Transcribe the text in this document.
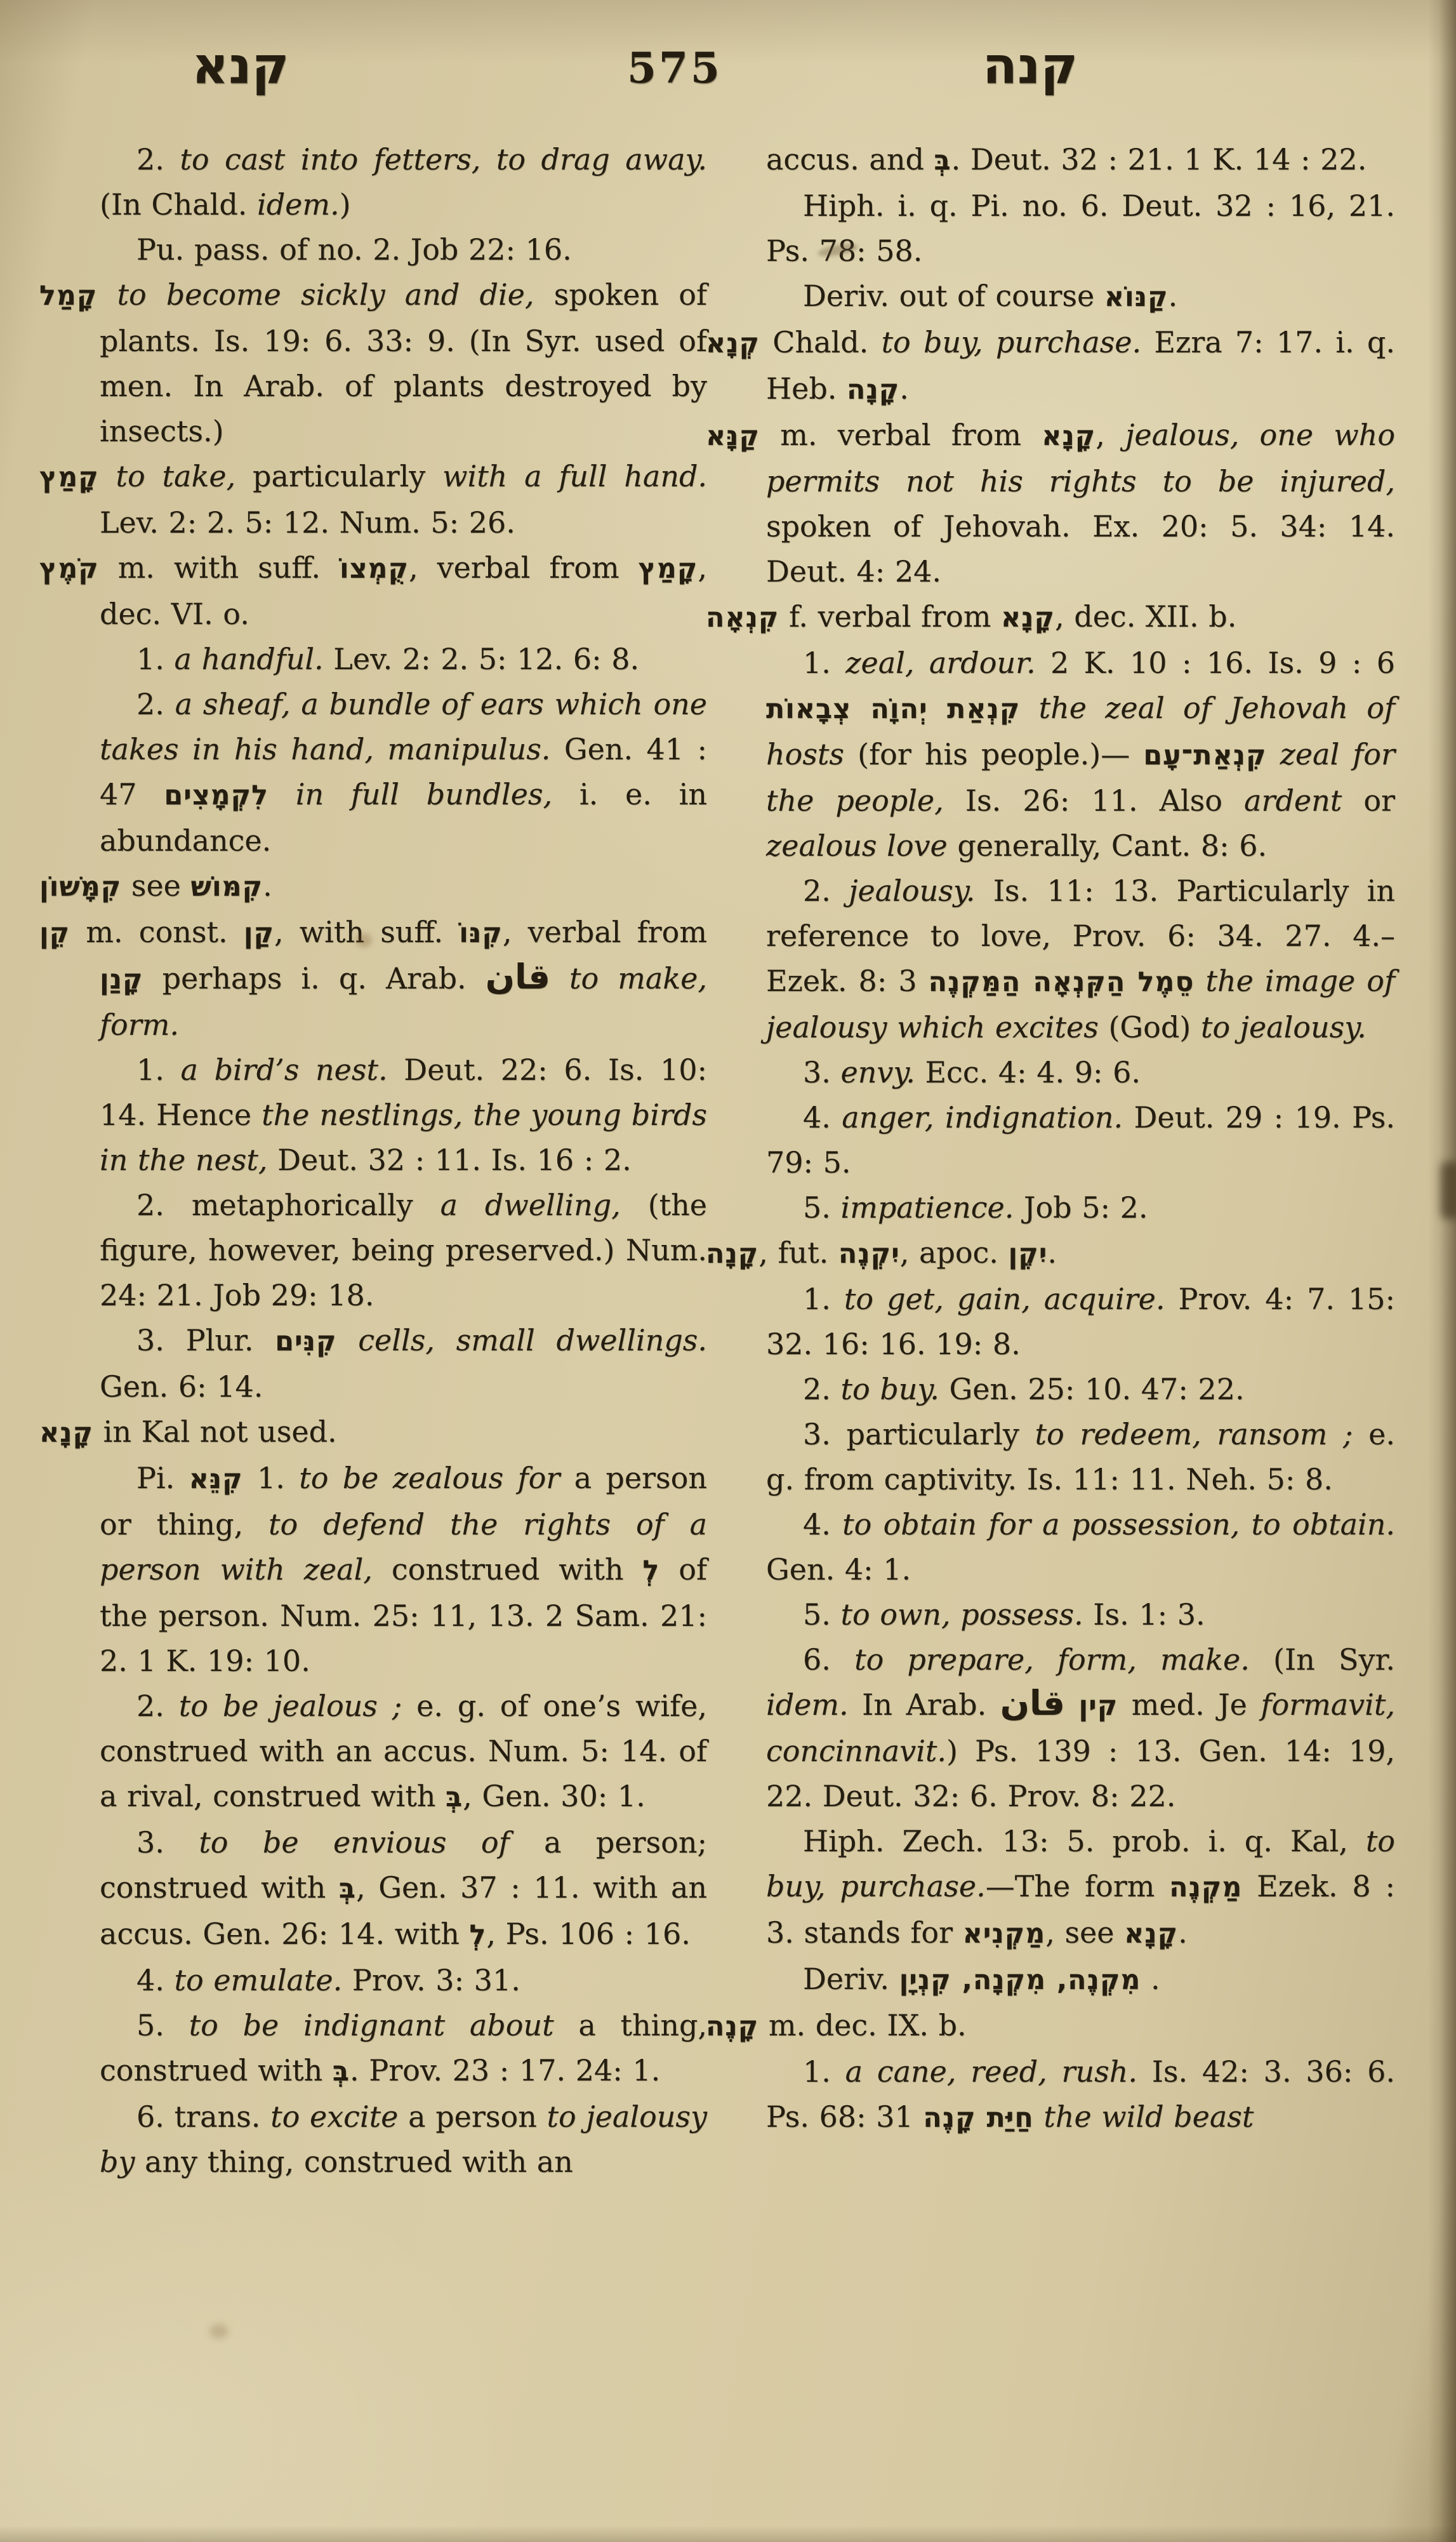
קנא	575	קנה

2. to cast into fetters, to drag away. (In Chald. idem.)

Pu. pass. of no. 2. Job 22: 16.

קָמַל to become sickly and die, spoken of plants. Is. 19: 6. 33: 9. (In Syr. used of men. In Arab. of plants destroyed by insects.)

קָמַץ to take, particularly with a full hand. Lev. 2: 2. 5: 12. Num. 5: 26.

קֹמֶץ m. with suff. קֻמְצוֹ, verbal from קָמַץ, dec. VI. o.

1. a handful. Lev. 2: 2. 5: 12. 6: 8.

2. a sheaf, a bundle of ears which one takes in his hand, manipulus. Gen. 41 : 47 לִקְמָצִים in full bundles, i. e. in abundance.

קִמָּשׁוֹן see קִמּוֹשׁ.

קֵן m. const. קַן, with suff. קִנּוֹ, verbal from קָנַן perhaps i. q. Arab. قان to make, form.

1. a bird’s nest. Deut. 22: 6. Is. 10: 14. Hence the nestlings, the young birds in the nest, Deut. 32 : 11. Is. 16 : 2.

2. metaphorically a dwelling, (the figure, however, being preserved.) Num. 24: 21. Job 29: 18.

3. Plur. קִנִּים cells, small dwellings. Gen. 6: 14.

קָנָא in Kal not used.

Pi. קִנֵּא 1. to be zealous for a person or thing, to defend the rights of a person with zeal, construed with לְ of the person. Num. 25: 11, 13. 2 Sam. 21: 2. 1 K. 19: 10.

2. to be jealous ; e. g. of one’s wife, construed with an accus. Num. 5: 14. of a rival, construed with בְּ, Gen. 30: 1.

3. to be envious of a person; construed with בְּ, Gen. 37 : 11. with an accus. Gen. 26: 14. with לְ, Ps. 106 : 16.

4. to emulate. Prov. 3: 31.

5. to be indignant about a thing, construed with בְּ. Prov. 23 : 17. 24: 1.

6. trans. to excite a person to jealousy by any thing, construed with an

accus. and בְּ. Deut. 32 : 21. 1 K. 14 : 22.

Hiph. i. q. Pi. no. 6. Deut. 32 : 16, 21. Ps. 78: 58.

Deriv. out of course קַנּוֹא.

קְנָא Chald. to buy, purchase. Ezra 7: 17. i. q. Heb. קָנָה.

קַנָּא m. verbal from קָנָא, jealous, one who permits not his rights to be injured, spoken of Jehovah. Ex. 20: 5. 34: 14. Deut. 4: 24.

קִנְאָה f. verbal from קָנָא, dec. XII. b.

1. zeal, ardour. 2 K. 10 : 16. Is. 9 : 6 קִנְאַת יְהוָֹה צְבָאוֹת the zeal of Jehovah of hosts (for his people.)— קִנְאַת־עָם zeal for the people, Is. 26: 11. Also ardent or zealous love generally, Cant. 8: 6.

2. jealousy. Is. 11: 13. Particularly in reference to love, Prov. 6: 34. 27. 4.–Ezek. 8: 3 סֵמֶל הַקִּנְאָה הַמַּקְנֶה the image of jealousy which excites (God) to jealousy.

3. envy. Ecc. 4: 4. 9: 6.

4. anger, indignation. Deut. 29 : 19. Ps. 79: 5.

5. impatience. Job 5: 2.

קָנָה, fut. יִקְנֶה, apoc. יִקֶן.

1. to get, gain, acquire. Prov. 4: 7. 15: 32. 16: 16. 19: 8.

2. to buy. Gen. 25: 10. 47: 22.

3. particularly to redeem, ransom ; e. g. from captivity. Is. 11: 11. Neh. 5: 8.

4. to obtain for a possession, to obtain. Gen. 4: 1.

5. to own, possess. Is. 1: 3.

6. to prepare, form, make. (In Syr. idem. In Arab. قان קין med. Je formavit, concinnavit.) Ps. 139 : 13. Gen. 14: 19, 22. Deut. 32: 6. Prov. 8: 22.

Hiph. Zech. 13: 5. prob. i. q. Kal, to buy, purchase.—The form מַקְנֶה Ezek. 8 : 3. stands for מַקְנִיא, see קָנָא.

Deriv. מִקְנֶה, מִקְנָה, קִנְיָן .

קָנֶה m. dec. IX. b.

1. a cane, reed, rush. Is. 42: 3. 36: 6. Ps. 68: 31 חַיַּת קָנֶה the wild beast
